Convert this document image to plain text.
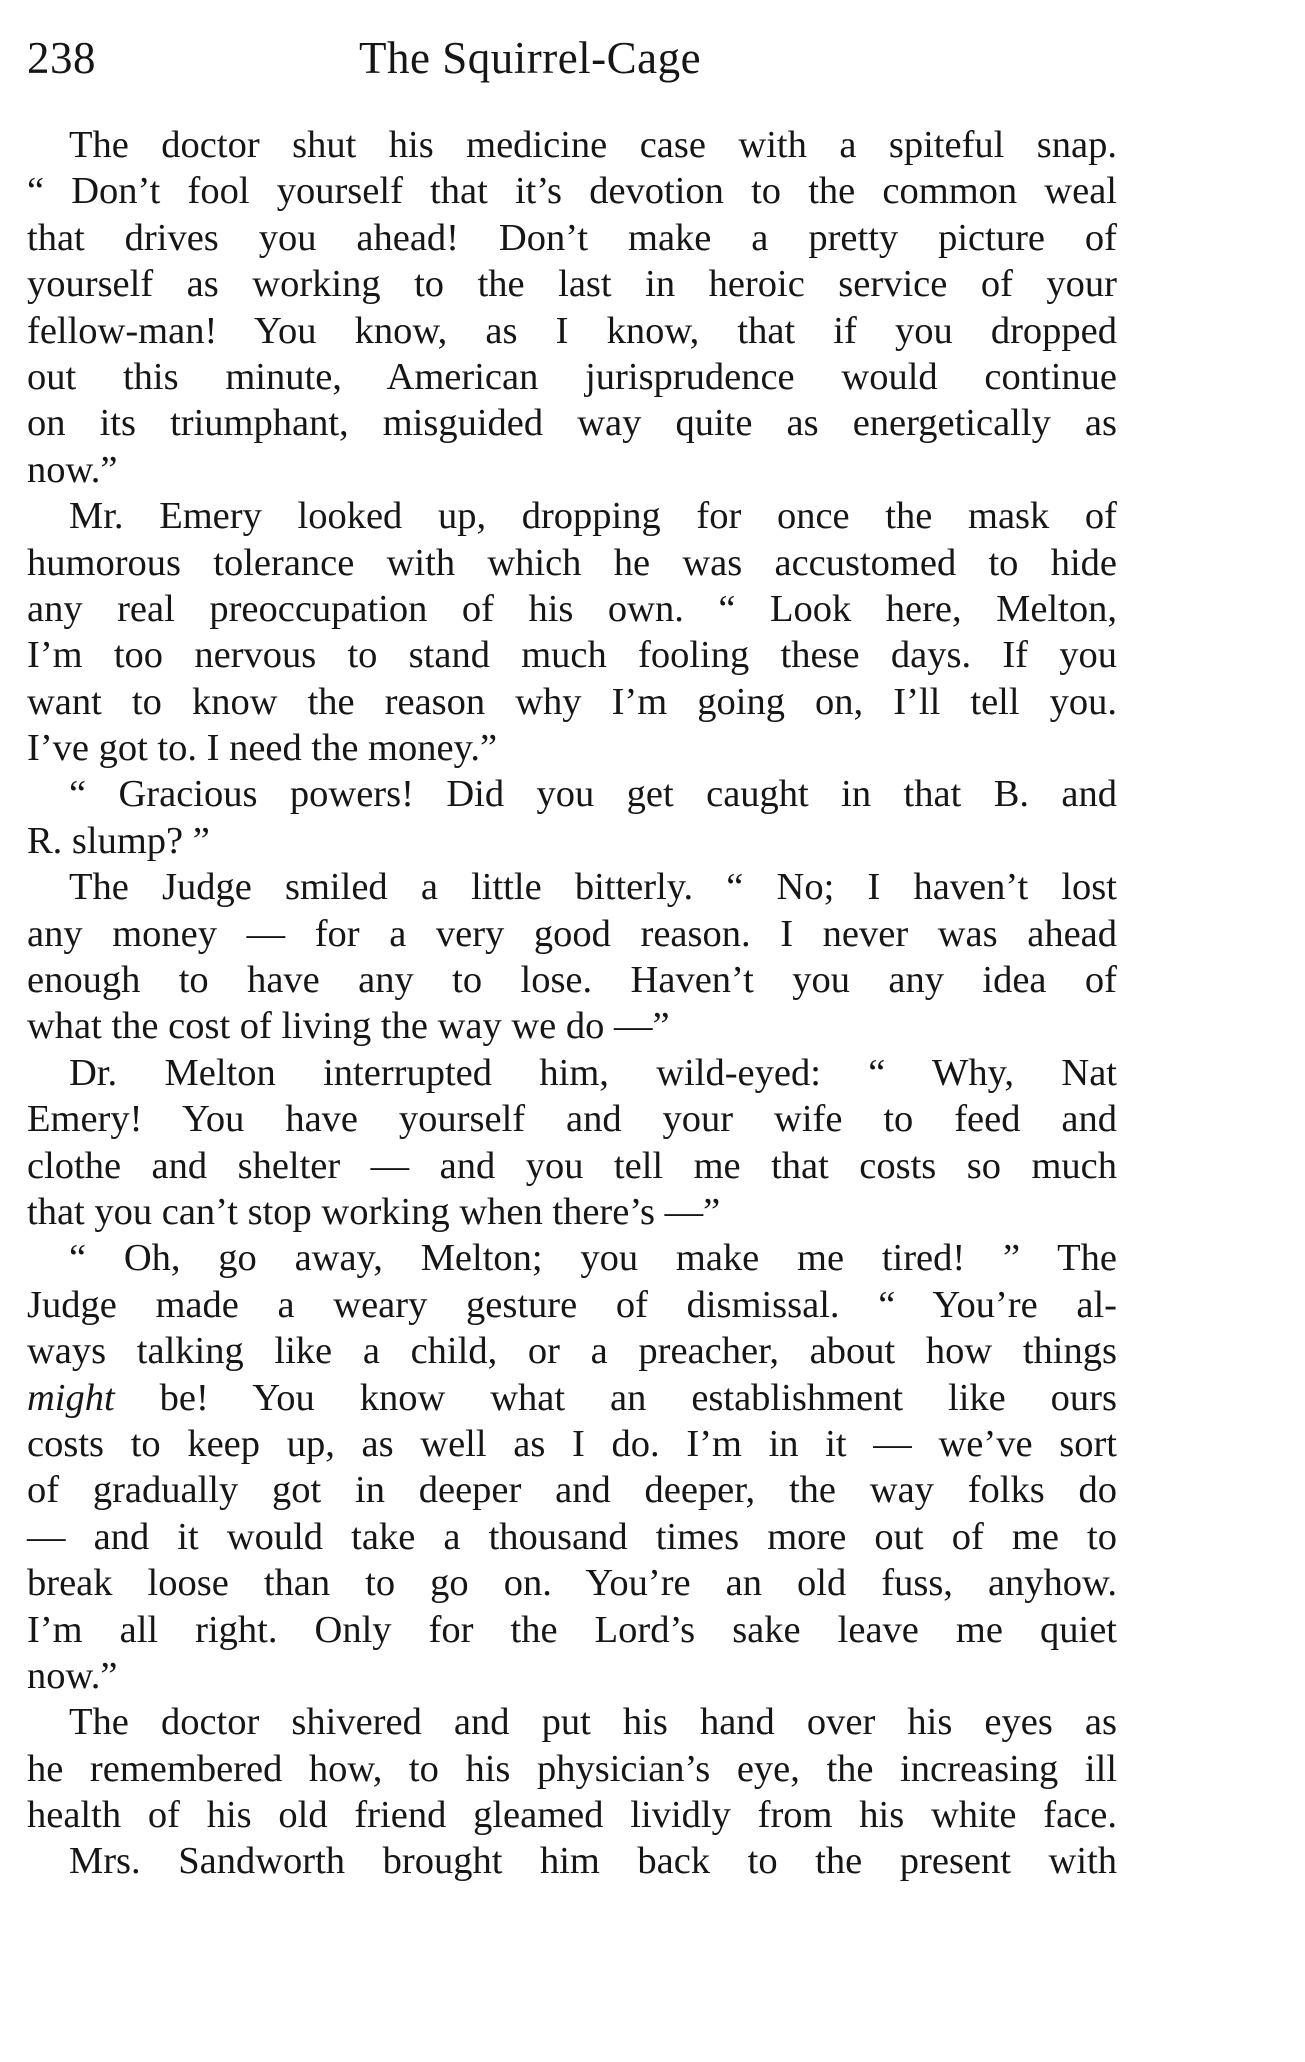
238	The Squirrel-Cage
The doctor shut his medicine case with a spiteful snap.
“ Don’t fool yourself that it’s devotion to the common weal
that drives you ahead! Don’t make a pretty picture of
yourself as working to the last in heroic service of your
fellow-man! You know, as I know, that if you dropped
out this minute, American jurisprudence would continue
on its triumphant, misguided way quite as energetically as
now.”
Mr. Emery looked up, dropping for once the mask of
humorous tolerance with which he was accustomed to hide
any real preoccupation of his own. “ Look here, Melton,
I’m too nervous to stand much fooling these days. If you
want to know the reason why I’m going on, I’ll tell you.
I’ve got to. I need the money.”
“ Gracious powers! Did you get caught in that B. and
R. slump? ”
The Judge smiled a little bitterly. “ No; I haven’t lost
any money — for a very good reason. I never was ahead
enough to have any to lose. Haven’t you any idea of
what the cost of living the way we do —”
Dr. Melton interrupted him, wild-eyed: “ Why, Nat
Emery! You have yourself and your wife to feed and
clothe and shelter — and you tell me that costs so much
that you can’t stop working when there’s —”
“ Oh, go away, Melton; you make me tired! ” The
Judge made a weary gesture of dismissal. “ You’re al-
ways talking like a child, or a preacher, about how things
might be! You know what an establishment like ours
costs to keep up, as well as I do. I’m in it — we’ve sort
of gradually got in deeper and deeper, the way folks do
— and it would take a thousand times more out of me to
break loose than to go on. You’re an old fuss, anyhow.
I’m all right. Only for the Lord’s sake leave me quiet
now.”
The doctor shivered and put his hand over his eyes as
he remembered how, to his physician’s eye, the increasing ill
health of his old friend gleamed lividly from his white face.
Mrs. Sandworth brought him back to the present with
